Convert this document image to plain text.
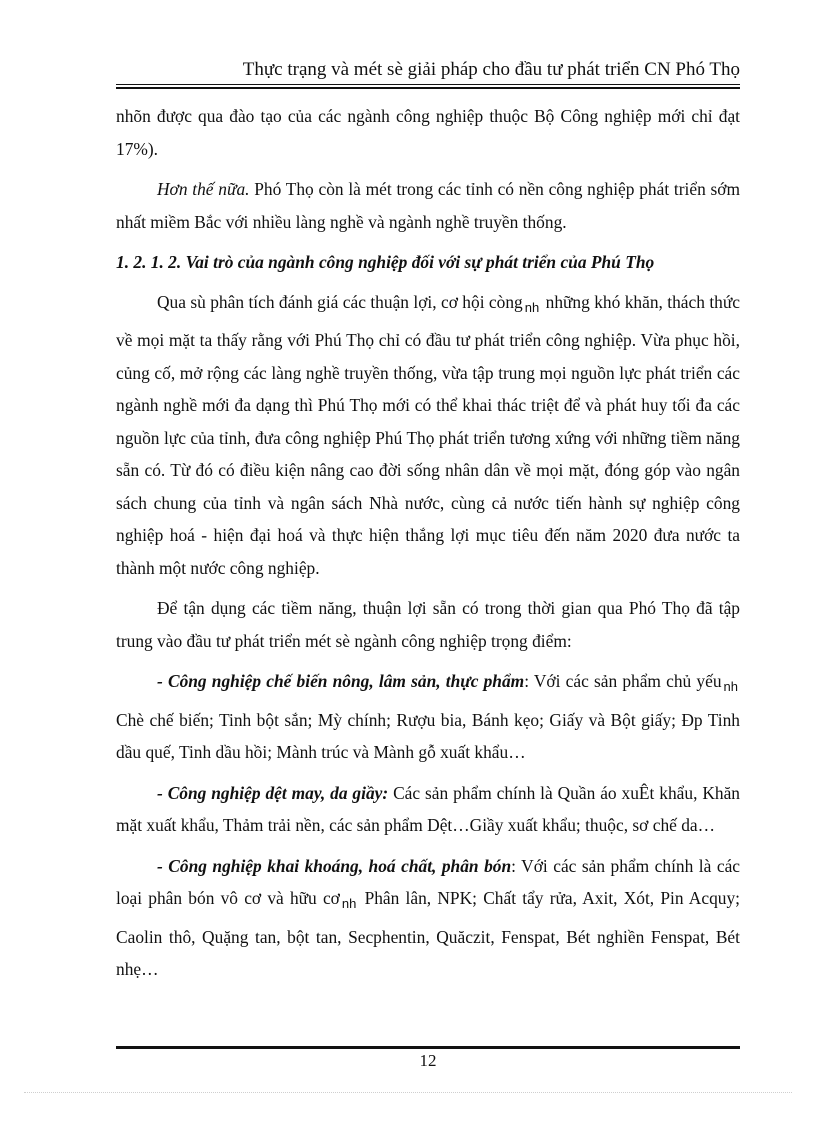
Thực trạng và mét sè giải pháp cho đầu tư phát triển CN Phó Thọ

nhõn được qua đào tạo của các ngành công nghiệp thuộc Bộ Công nghiệp mới chỉ đạt 17%).

Hơn thế nữa. Phó Thọ còn là mét trong các tỉnh có nền công nghiệp phát triển sớm nhất miềm Bắc với nhiều làng nghề và ngành nghề truyền thống.

1. 2. 1. 2. Vai trò của ngành công nghiệp đối với sự phát triển của Phú Thọ

Qua sù phân tích đánh giá các thuận lợi, cơ hội còng $_{nh}$ những khó khăn, thách thức về mọi mặt ta thấy rằng với Phú Thọ chỉ có đầu tư phát triển công nghiệp. Vừa phục hồi, củng cố, mở rộng các làng nghề truyền thống, vừa tập trung mọi nguồn lực phát triển các ngành nghề mới đa dạng thì Phú Thọ mới có thể khai thác triệt để và phát huy tối đa các nguồn lực của tỉnh, đưa công nghiệp Phú Thọ phát triển tương xứng với những tiềm năng sẵn có. Từ đó có điều kiện nâng cao đời sống nhân dân về mọi mặt, đóng góp vào ngân sách chung của tỉnh và ngân sách Nhà nước, cùng cả nước tiến hành sự nghiệp công nghiệp hoá - hiện đại hoá và thực hiện thắng lợi mục tiêu đến năm 2020 đưa nước ta thành một nước công nghiệp.

Để tận dụng các tiềm năng, thuận lợi sẵn có trong thời gian qua Phó Thọ đã tập trung vào đầu tư phát triển mét sè ngành công nghiệp trọng điểm:

- Công nghiệp chế biến nông, lâm sản, thực phẩm: Với các sản phẩm chủ yếu $_{nh}$ Chè chế biến; Tinh bột sắn; Mỳ chính; Rượu bia, Bánh kẹo; Giấy và Bột giấy; Đp Tinh dầu quế, Tinh dầu hồi; Mành trúc và Mành gỗ xuất khẩu…

- Công nghiệp dệt may, da giầy: Các sản phẩm chính là Quần áo xuÊt khẩu, Khăn mặt xuất khẩu, Thảm trải nền, các sản phẩm Dệt…Giầy xuất khẩu; thuộc, sơ chế da…

- Công nghiệp khai khoáng, hoá chất, phân bón: Với các sản phẩm chính là các loại phân bón vô cơ và hữu cơ $_{nh}$ Phân lân, NPK; Chất tẩy rửa, Axit, Xót, Pin Acquy; Caolin thô, Quặng tan, bột tan, Secphentin, Quăczit, Fenspat, Bét nghiền Fenspat, Bét nhẹ…

12
